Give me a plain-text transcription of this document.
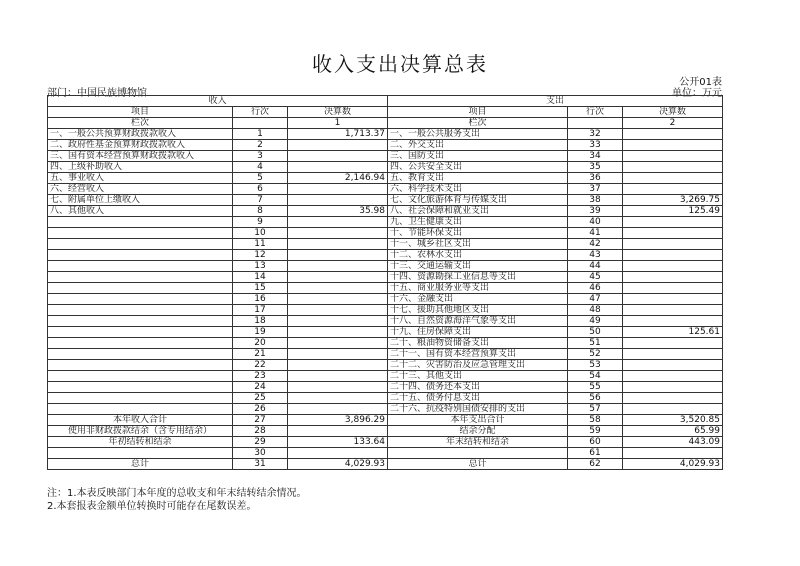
收入支出决算总表
公开01表
部门：中国民族博物馆	单位：万元
收入			支出		
项目	行次	决算数	项目	行次	决算数
栏次		1	栏次		2
一、一般公共预算财政拨款收入	1	1,713.37	一、一般公共服务支出	32	
二、政府性基金预算财政拨款收入	2		二、外交支出	33	
三、国有资本经营预算财政拨款收入	3		三、国防支出	34	
四、上级补助收入	4		四、公共安全支出	35	
五、事业收入	5	2,146.94	五、教育支出	36	
六、经营收入	6		六、科学技术支出	37	
七、附属单位上缴收入	7		七、文化旅游体育与传媒支出	38	3,269.75
八、其他收入	8	35.98	八、社会保障和就业支出	39	125.49
	9		九、卫生健康支出	40	
	10		十、节能环保支出	41	
	11		十一、城乡社区支出	42	
	12		十二、农林水支出	43	
	13		十三、交通运输支出	44	
	14		十四、资源勘探工业信息等支出	45	
	15		十五、商业服务业等支出	46	
	16		十六、金融支出	47	
	17		十七、援助其他地区支出	48	
	18		十八、自然资源海洋气象等支出	49	
	19		十九、住房保障支出	50	125.61
	20		二十、粮油物资储备支出	51	
	21		二十一、国有资本经营预算支出	52	
	22		二十二、灾害防治及应急管理支出	53	
	23		二十三、其他支出	54	
	24		二十四、债务还本支出	55	
	25		二十五、债务付息支出	56	
	26		二十六、抗疫特别国债安排的支出	57	
本年收入合计	27	3,896.29	本年支出合计	58	3,520.85
使用非财政拨款结余（含专用结余）	28		结余分配	59	65.99
年初结转和结余	29	133.64	年末结转和结余	60	443.09
	30			61	
总计	31	4,029.93	总计	62	4,029.93
注：1.本表反映部门本年度的总收支和年末结转结余情况。
2.本套报表金额单位转换时可能存在尾数误差。
